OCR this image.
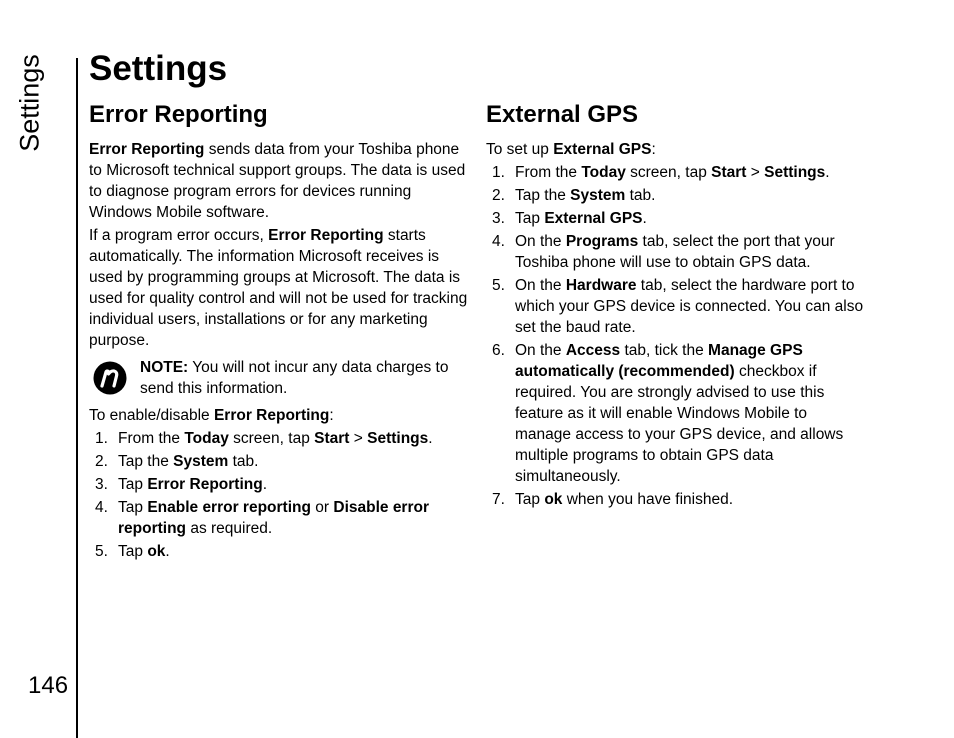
Settings
146
Settings
Error Reporting

Error Reporting sends data from your Toshiba phone to Microsoft technical support groups. The data is used to diagnose program errors for devices running Windows Mobile software.

If a program error occurs, Error Reporting starts automatically. The information Microsoft receives is used by programming groups at Microsoft. The data is used for quality control and will not be used for tracking individual users, installations or for any marketing purpose.

NOTE: You will not incur any data charges to send this information.

To enable/disable Error Reporting:

1. From the Today screen, tap Start > Settings.
2. Tap the System tab.
3. Tap Error Reporting.
4. Tap Enable error reporting or Disable error reporting as required.
5. Tap ok.
External GPS

To set up External GPS:

1. From the Today screen, tap Start > Settings.
2. Tap the System tab.
3. Tap External GPS.
4. On the Programs tab, select the port that your Toshiba phone will use to obtain GPS data.
5. On the Hardware tab, select the hardware port to which your GPS device is connected. You can also set the baud rate.
6. On the Access tab, tick the Manage GPS automatically (recommended) checkbox if required. You are strongly advised to use this feature as it will enable Windows Mobile to manage access to your GPS device, and allows multiple programs to obtain GPS data simultaneously.
7. Tap ok when you have finished.
